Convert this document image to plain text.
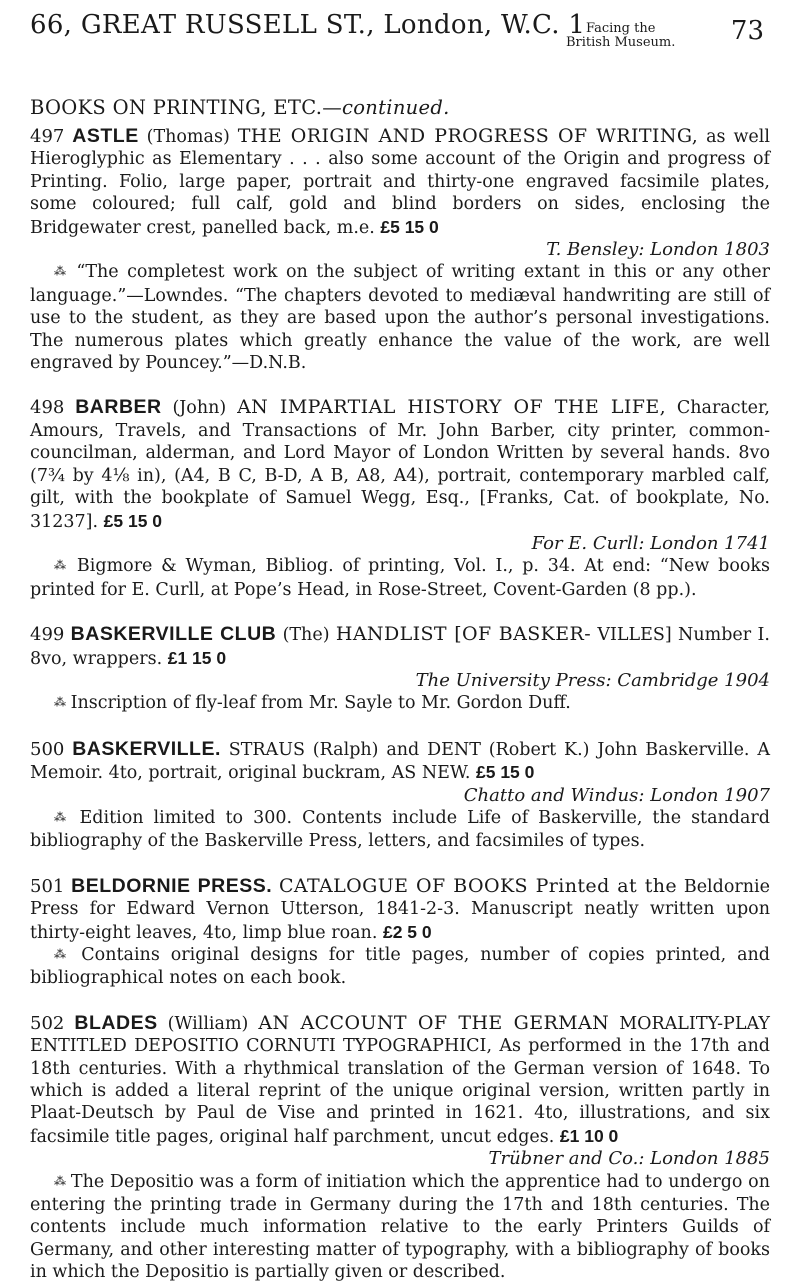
66, GREAT RUSSELL ST., London, W.C. 1 Facing the
British Museum. 73
BOOKS ON PRINTING, ETC.—continued.

497 ASTLE (Thomas) THE ORIGIN AND PROGRESS OF WRITING, as well Hieroglyphic as Elementary . . . also some account of the Origin and progress of Printing. Folio, large paper, portrait and thirty-one engraved facsimile plates, some coloured; full calf, gold and blind borders on sides, enclosing the Bridgewater crest, panelled back, m.e. £5 15 0

T. Bensley: London 1803

⁂ “The completest work on the subject of writing extant in this or any other language.”—Lowndes. “The chapters devoted to mediæval handwriting are still of use to the student, as they are based upon the author’s personal investigations. The numerous plates which greatly enhance the value of the work, are well engraved by Pouncey.”—D.N.B.

498 BARBER (John) AN IMPARTIAL HISTORY OF THE LIFE, Character, Amours, Travels, and Transactions of Mr. John Barber, city printer, common-councilman, alderman, and Lord Mayor of London Written by several hands. 8vo (7¾ by 4⅛ in), (A4, B C, B-D, A B, A8, A4), portrait, contemporary marbled calf, gilt, with the bookplate of Samuel Wegg, Esq., [Franks, Cat. of bookplate, No. 31237]. £5 15 0

For E. Curll: London 1741

⁂ Bigmore & Wyman, Bibliog. of printing, Vol. I., p. 34. At end: “New books printed for E. Curll, at Pope’s Head, in Rose-Street, Covent-Garden (8 pp.).

499 BASKERVILLE CLUB (The) HANDLIST [OF BASKER- VILLES] Number I. 8vo, wrappers. £1 15 0

The University Press: Cambridge 1904

⁂ Inscription of fly-leaf from Mr. Sayle to Mr. Gordon Duff.

500 BASKERVILLE. STRAUS (Ralph) and DENT (Robert K.) John Baskerville. A Memoir. 4to, portrait, original buckram, AS NEW. £5 15 0

Chatto and Windus: London 1907

⁂ Edition limited to 300. Contents include Life of Baskerville, the standard bibliography of the Baskerville Press, letters, and facsimiles of types.

501 BELDORNIE PRESS. CATALOGUE OF BOOKS Printed at the Beldornie Press for Edward Vernon Utterson, 1841-2-3. Manuscript neatly written upon thirty-eight leaves, 4to, limp blue roan. £2 5 0

⁂ Contains original designs for title pages, number of copies printed, and bibliographical notes on each book.

502 BLADES (William) AN ACCOUNT OF THE GERMAN MORALITY-PLAY ENTITLED DEPOSITIO CORNUTI TYPOGRAPHICI, As performed in the 17th and 18th centuries. With a rhythmical translation of the German version of 1648. To which is added a literal reprint of the unique original version, written partly in Plaat-Deutsch by Paul de Vise and printed in 1621. 4to, illustrations, and six facsimile title pages, original half parchment, uncut edges. £1 10 0

Trübner and Co.: London 1885

⁂ The Depositio was a form of initiation which the apprentice had to undergo on entering the printing trade in Germany during the 17th and 18th centuries. The contents include much information relative to the early Printers Guilds of Germany, and other interesting matter of typography, with a bibliography of books in which the Depositio is partially given or described.
